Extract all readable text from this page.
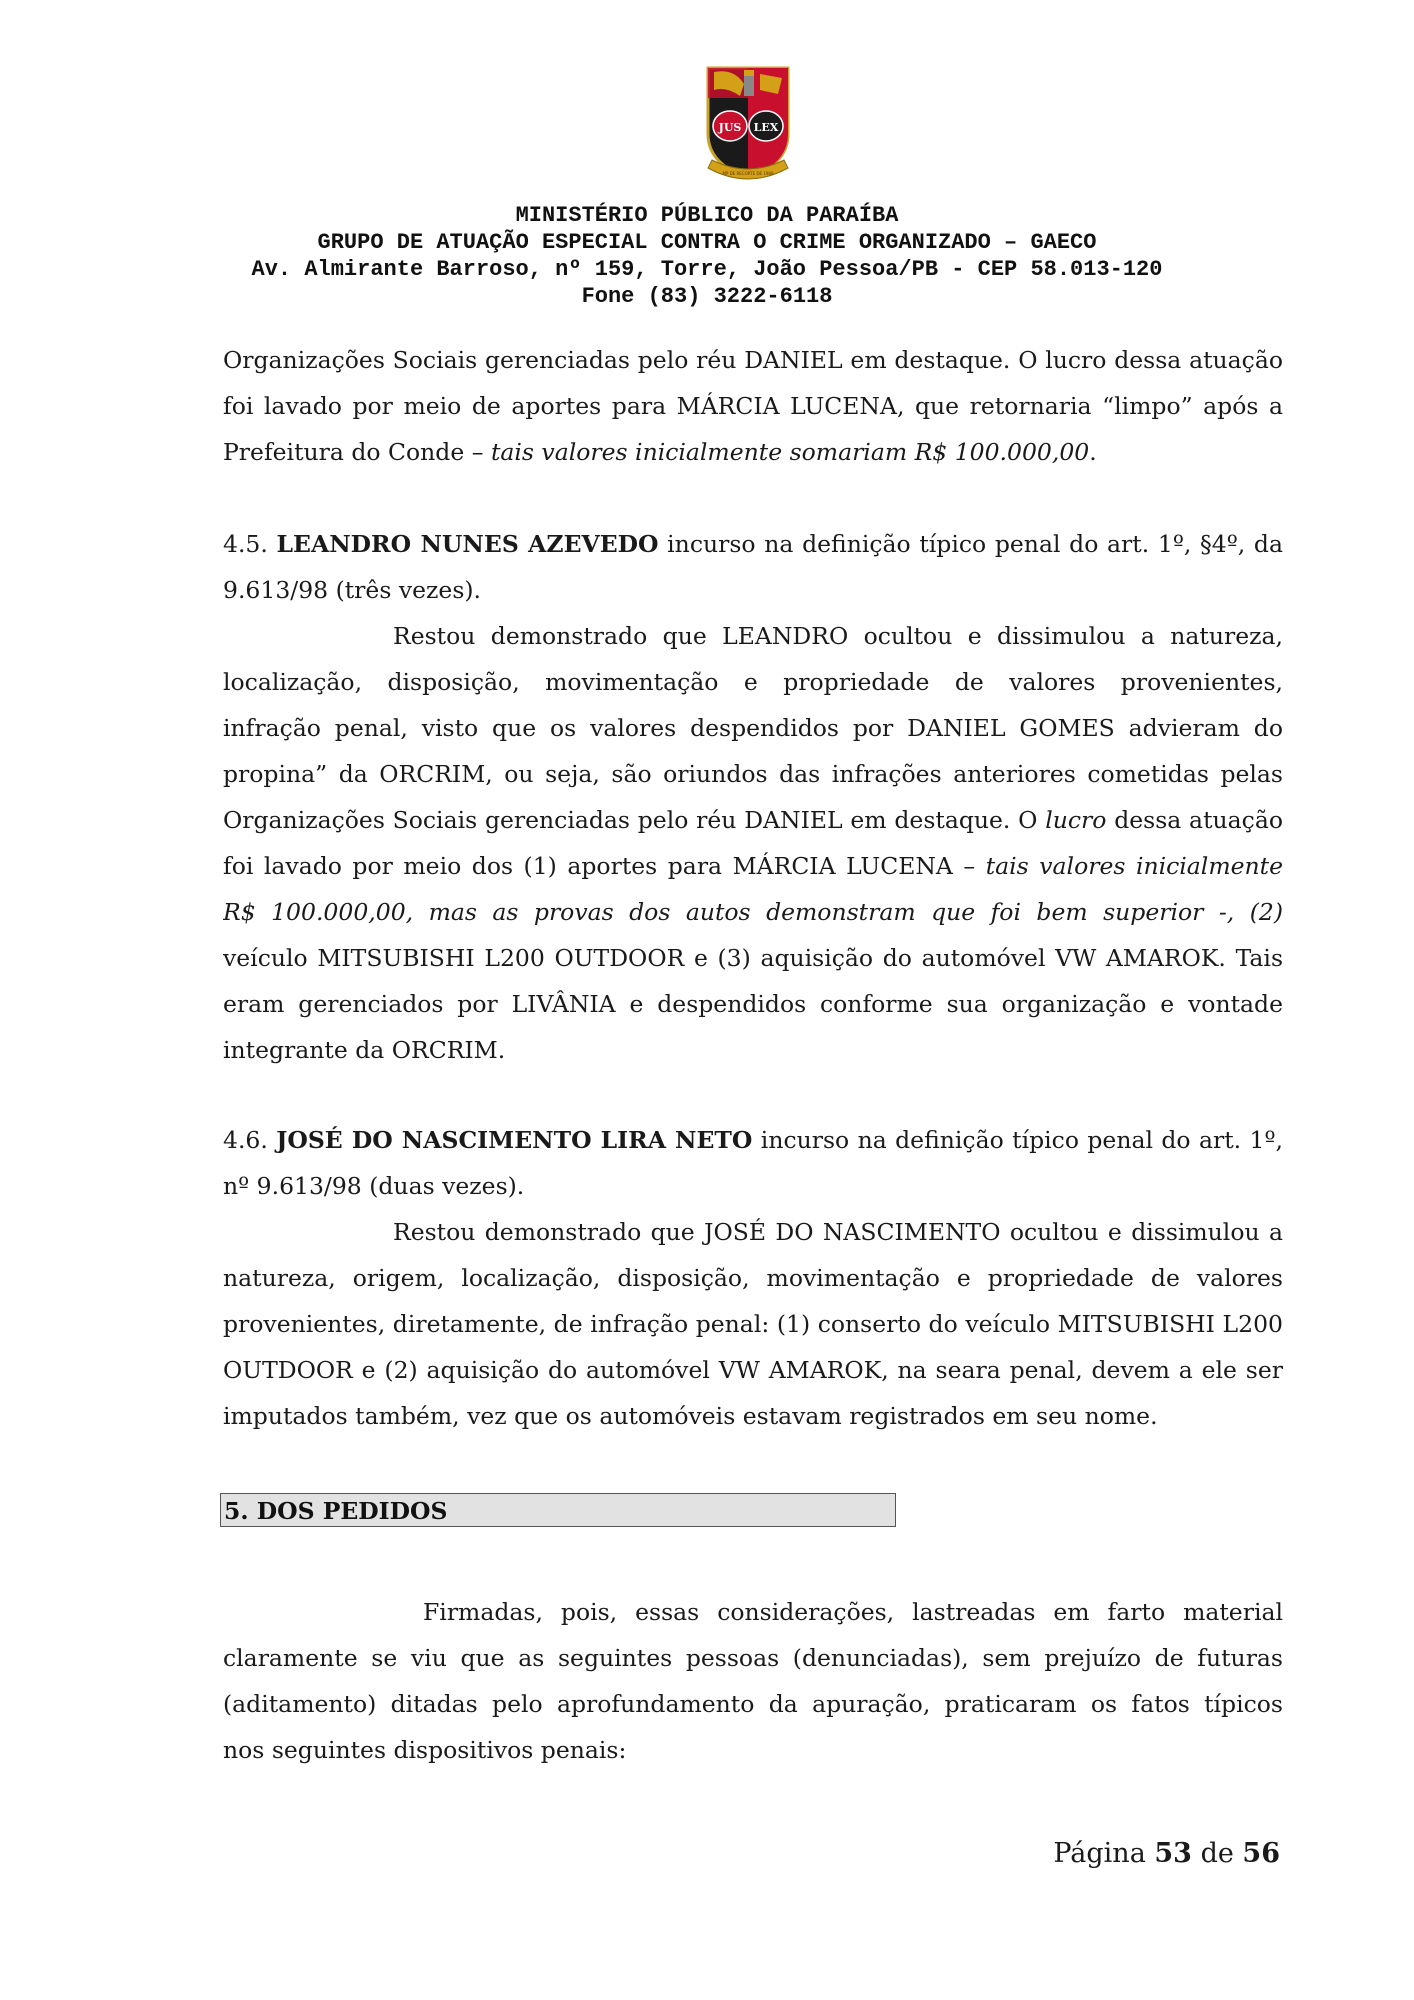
JUS LEX
MP DE RECORTE DE 1988
MINISTÉRIO PÚBLICO DA PARAÍBA
GRUPO DE ATUAÇÃO ESPECIAL CONTRA O CRIME ORGANIZADO – GAECO
Av. Almirante Barroso, nº 159, Torre, João Pessoa/PB - CEP 58.013-120
Fone (83) 3222-6118
Organizações Sociais gerenciadas pelo réu DANIEL em destaque. O lucro dessa atuação
foi lavado por meio de aportes para MÁRCIA LUCENA, que retornaria “limpo” após a
Prefeitura do Conde – tais valores inicialmente somariam R$ 100.000,00.
4.5. LEANDRO NUNES AZEVEDO incurso na definição típico penal do art. 1º, §4º, da
9.613/98 (três vezes).
Restou demonstrado que LEANDRO ocultou e dissimulou a natureza,
localização, disposição, movimentação e propriedade de valores provenientes,
infração penal, visto que os valores despendidos por DANIEL GOMES advieram do
propina” da ORCRIM, ou seja, são oriundos das infrações anteriores cometidas pelas
Organizações Sociais gerenciadas pelo réu DANIEL em destaque. O lucro dessa atuação
foi lavado por meio dos (1) aportes para MÁRCIA LUCENA – tais valores inicialmente
R$ 100.000,00, mas as provas dos autos demonstram que foi bem superior -, (2)
veículo MITSUBISHI L200 OUTDOOR e (3) aquisição do automóvel VW AMAROK. Tais
eram gerenciados por LIVÂNIA e despendidos conforme sua organização e vontade
integrante da ORCRIM.
4.6. JOSÉ DO NASCIMENTO LIRA NETO incurso na definição típico penal do art. 1º,
nº 9.613/98 (duas vezes).
Restou demonstrado que JOSÉ DO NASCIMENTO ocultou e dissimulou a
natureza, origem, localização, disposição, movimentação e propriedade de valores
provenientes, diretamente, de infração penal: (1) conserto do veículo MITSUBISHI L200
OUTDOOR e (2) aquisição do automóvel VW AMAROK, na seara penal, devem a ele ser
imputados também, vez que os automóveis estavam registrados em seu nome.
5. DOS PEDIDOS
Firmadas, pois, essas considerações, lastreadas em farto material
claramente se viu que as seguintes pessoas (denunciadas), sem prejuízo de futuras
(aditamento) ditadas pelo aprofundamento da apuração, praticaram os fatos típicos
nos seguintes dispositivos penais:
Página 53 de 56
